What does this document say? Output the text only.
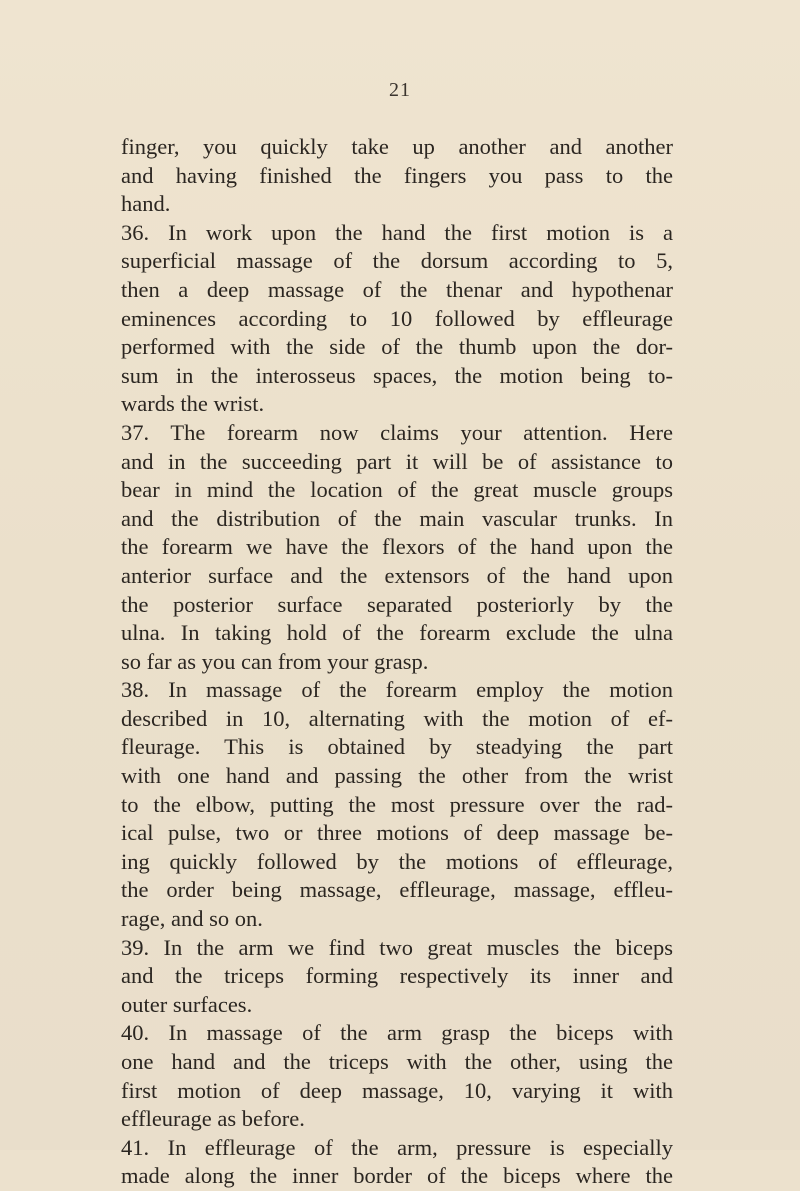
21
finger, you quickly take up another and another
and having finished the fingers you pass to the
hand.
36. In work upon the hand the first motion is a
superficial massage of the dorsum according to 5,
then a deep massage of the thenar and hypothenar
eminences according to 10 followed by effleurage
performed with the side of the thumb upon the dor-
sum in the interosseus spaces, the motion being to-
wards the wrist.
37. The forearm now claims your attention. Here
and in the succeeding part it will be of assistance to
bear in mind the location of the great muscle groups
and the distribution of the main vascular trunks. In
the forearm we have the flexors of the hand upon the
anterior surface and the extensors of the hand upon
the posterior surface separated posteriorly by the
ulna. In taking hold of the forearm exclude the ulna
so far as you can from your grasp.
38. In massage of the forearm employ the motion
described in 10, alternating with the motion of ef-
fleurage. This is obtained by steadying the part
with one hand and passing the other from the wrist
to the elbow, putting the most pressure over the rad-
ical pulse, two or three motions of deep massage be-
ing quickly followed by the motions of effleurage,
the order being massage, effleurage, massage, effleu-
rage, and so on.
39. In the arm we find two great muscles the biceps
and the triceps forming respectively its inner and
outer surfaces.
40. In massage of the arm grasp the biceps with
one hand and the triceps with the other, using the
first motion of deep massage, 10, varying it with
effleurage as before.
41. In effleurage of the arm, pressure is especially
made along the inner border of the biceps where the
